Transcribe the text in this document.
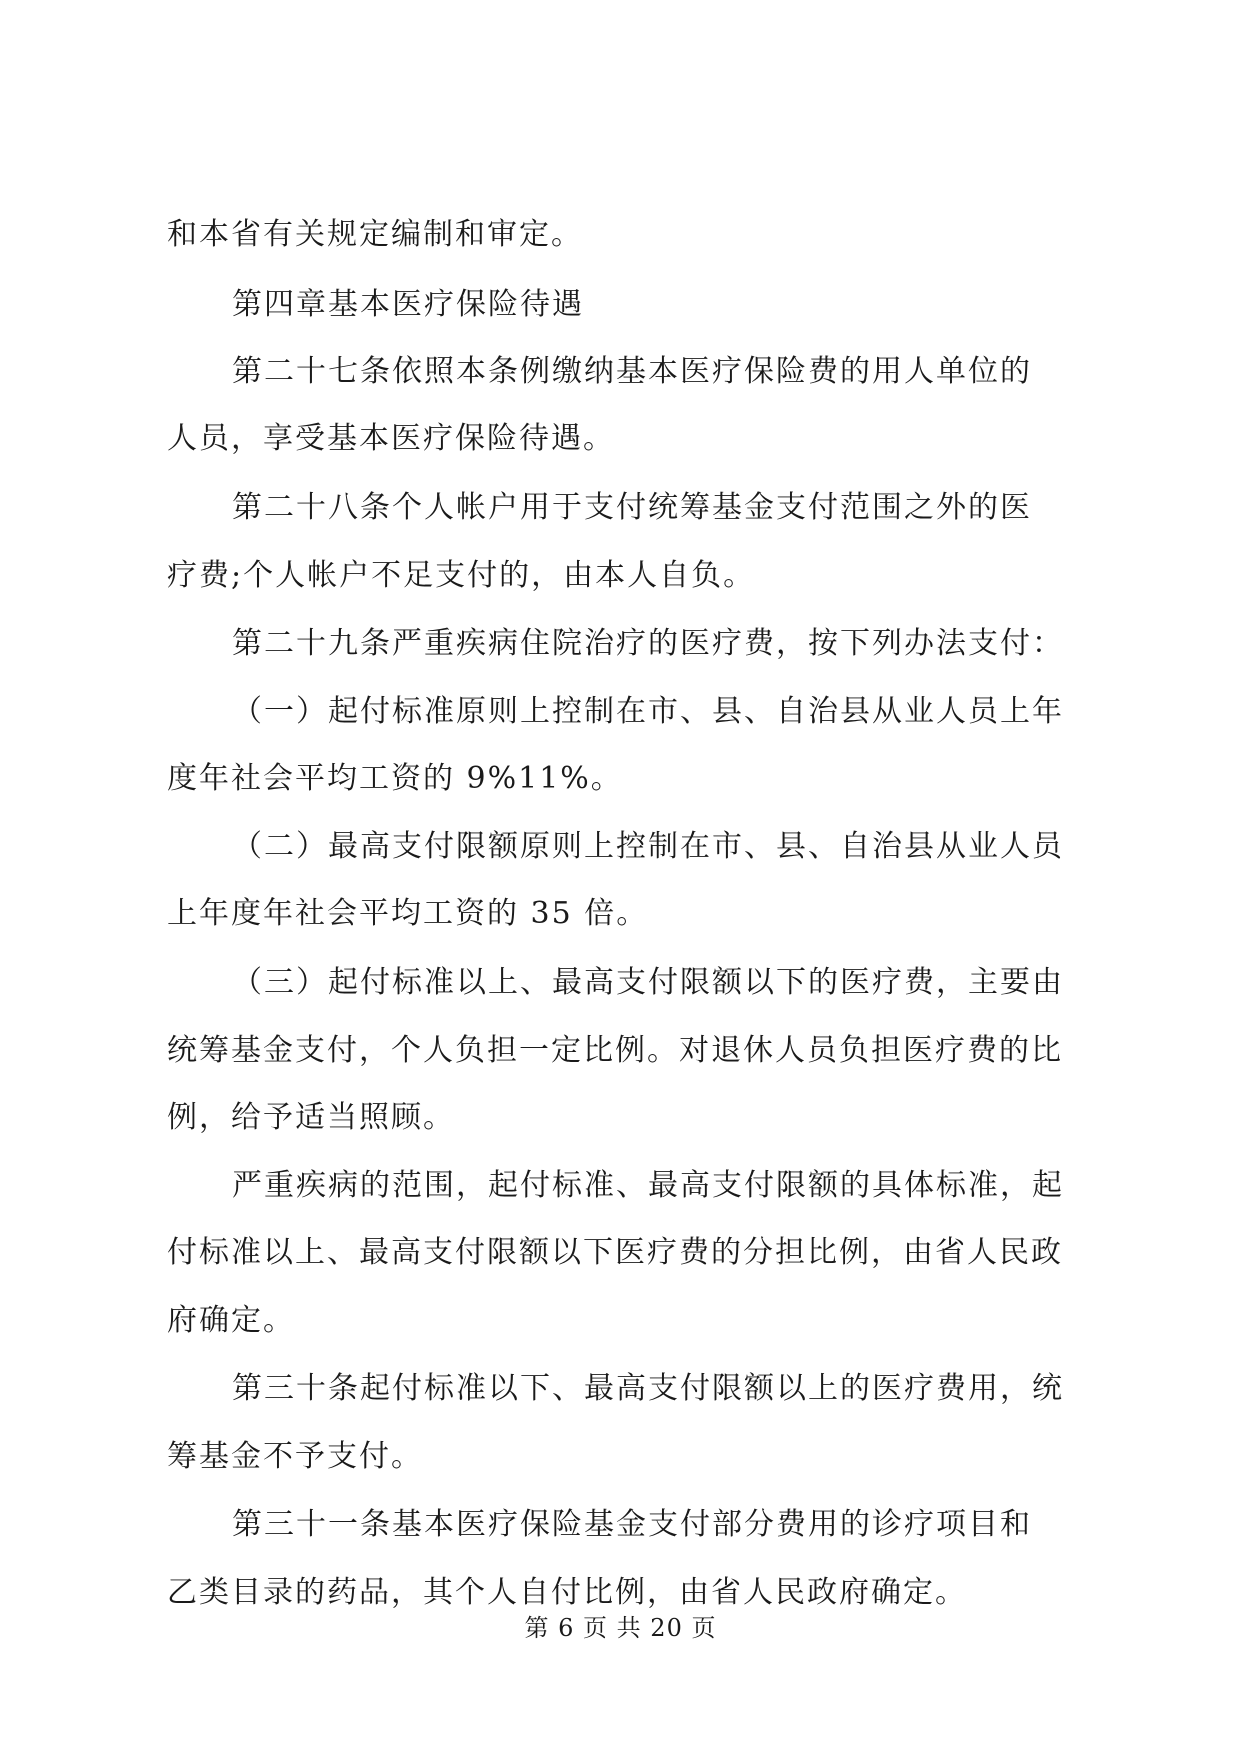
和本省有关规定编制和审定。
第四章基本医疗保险待遇
第二十七条依照本条例缴纳基本医疗保险费的用人单位的
人员，享受基本医疗保险待遇。
第二十八条个人帐户用于支付统筹基金支付范围之外的医
疗费;个人帐户不足支付的，由本人自负。
第二十九条严重疾病住院治疗的医疗费，按下列办法支付：
（一）起付标准原则上控制在市、县、自治县从业人员上年
度年社会平均工资的 9%11%。
（二）最高支付限额原则上控制在市、县、自治县从业人员
上年度年社会平均工资的 35 倍。
（三）起付标准以上、最高支付限额以下的医疗费，主要由
统筹基金支付，个人负担一定比例。对退休人员负担医疗费的比
例，给予适当照顾。
严重疾病的范围，起付标准、最高支付限额的具体标准，起
付标准以上、最高支付限额以下医疗费的分担比例，由省人民政
府确定。
第三十条起付标准以下、最高支付限额以上的医疗费用，统
筹基金不予支付。
第三十一条基本医疗保险基金支付部分费用的诊疗项目和
乙类目录的药品，其个人自付比例，由省人民政府确定。
第 6 页 共 20 页
